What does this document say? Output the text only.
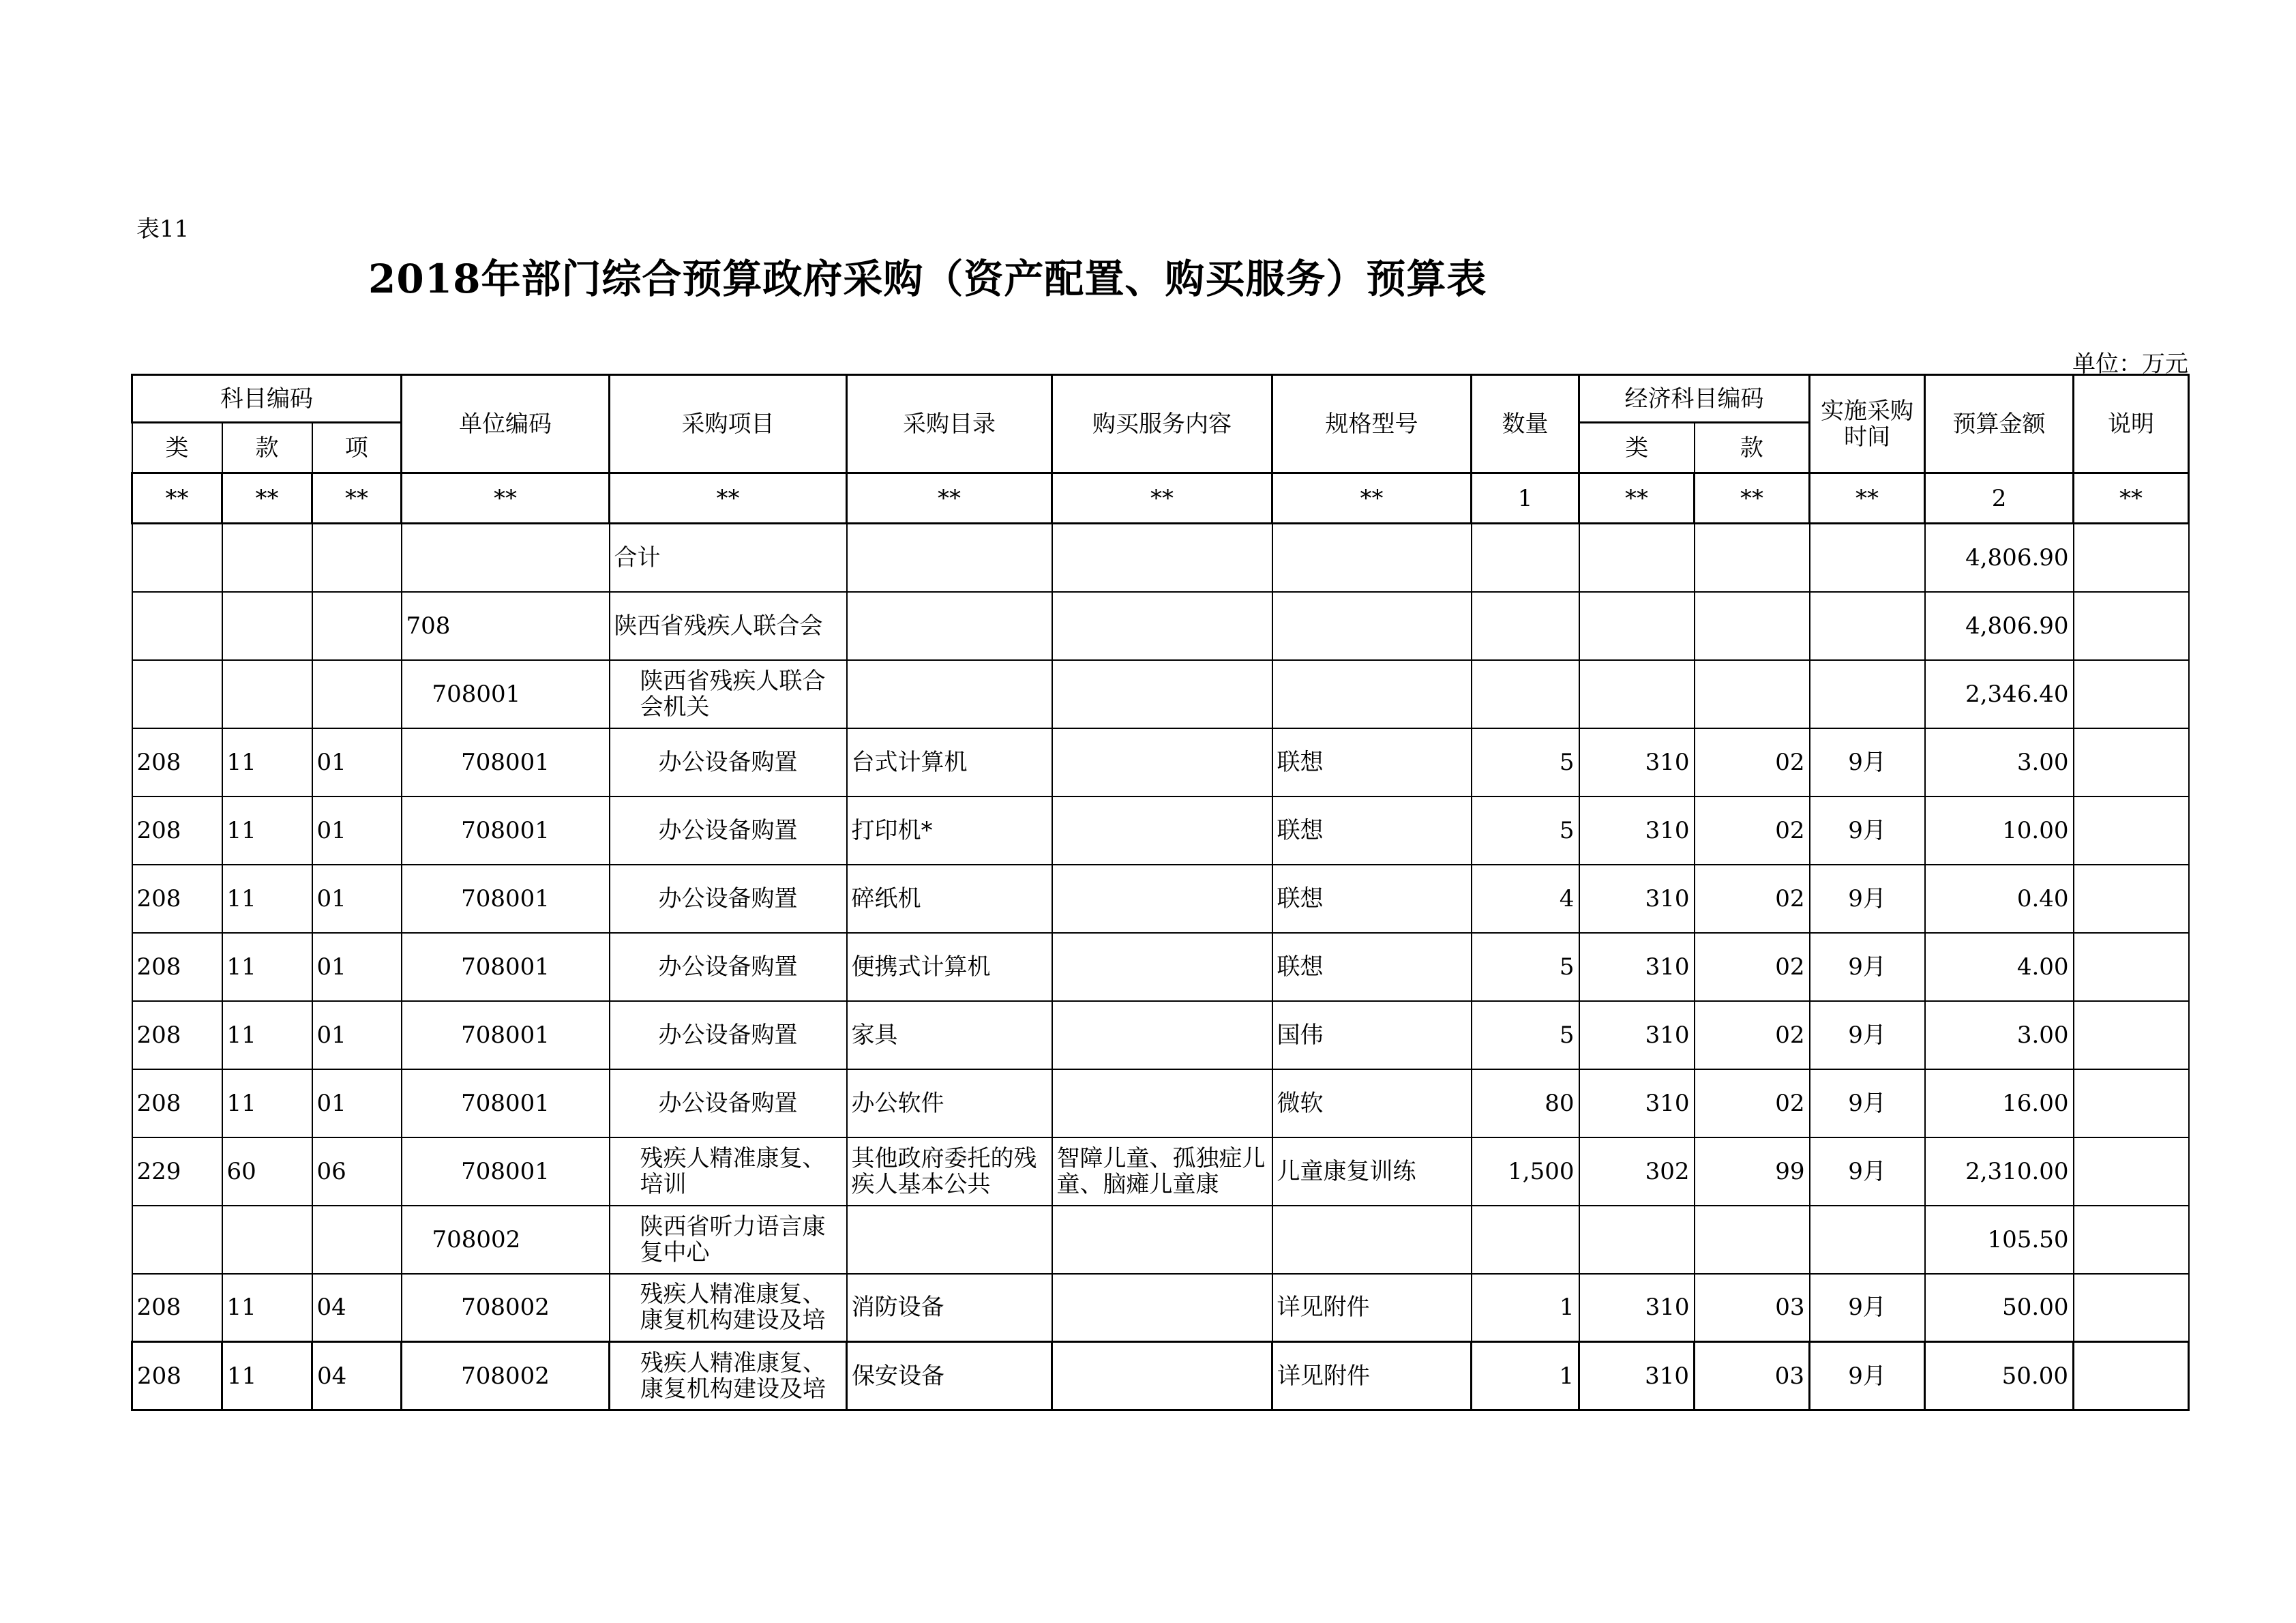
表11
2018年部门综合预算政府采购（资产配置、购买服务）预算表
单位：万元
科目编码			单位编码	采购项目	采购目录	购买服务内容	规格型号	数量	经济科目编码		实施采购时间	预算金额	说明
类	款	项							类	款			
**	**	**	**	**	**	**	**	1	**	**	**	2	**
				合计								4,806.90	
			708	陕西省残疾人联合会								4,806.90	
			708001	陕西省残疾人联合会机关								2,346.40	
208	11	01	708001	办公设备购置	台式计算机		联想	5	310	02	9月	3.00	
208	11	01	708001	办公设备购置	打印机*		联想	5	310	02	9月	10.00	
208	11	01	708001	办公设备购置	碎纸机		联想	4	310	02	9月	0.40	
208	11	01	708001	办公设备购置	便携式计算机		联想	5	310	02	9月	4.00	
208	11	01	708001	办公设备购置	家具		国伟	5	310	02	9月	3.00	
208	11	01	708001	办公设备购置	办公软件		微软	80	310	02	9月	16.00	
229	60	06	708001	残疾人精准康复、培训	其他政府委托的残疾人基本公共	智障儿童、孤独症儿童、脑瘫儿童康	儿童康复训练	1,500	302	99	9月	2,310.00	
			708002	陕西省听力语言康复中心								105.50	
208	11	04	708002	残疾人精准康复、康复机构建设及培	消防设备		详见附件	1	310	03	9月	50.00	
208	11	04	708002	残疾人精准康复、康复机构建设及培	保安设备		详见附件	1	310	03	9月	50.00	
